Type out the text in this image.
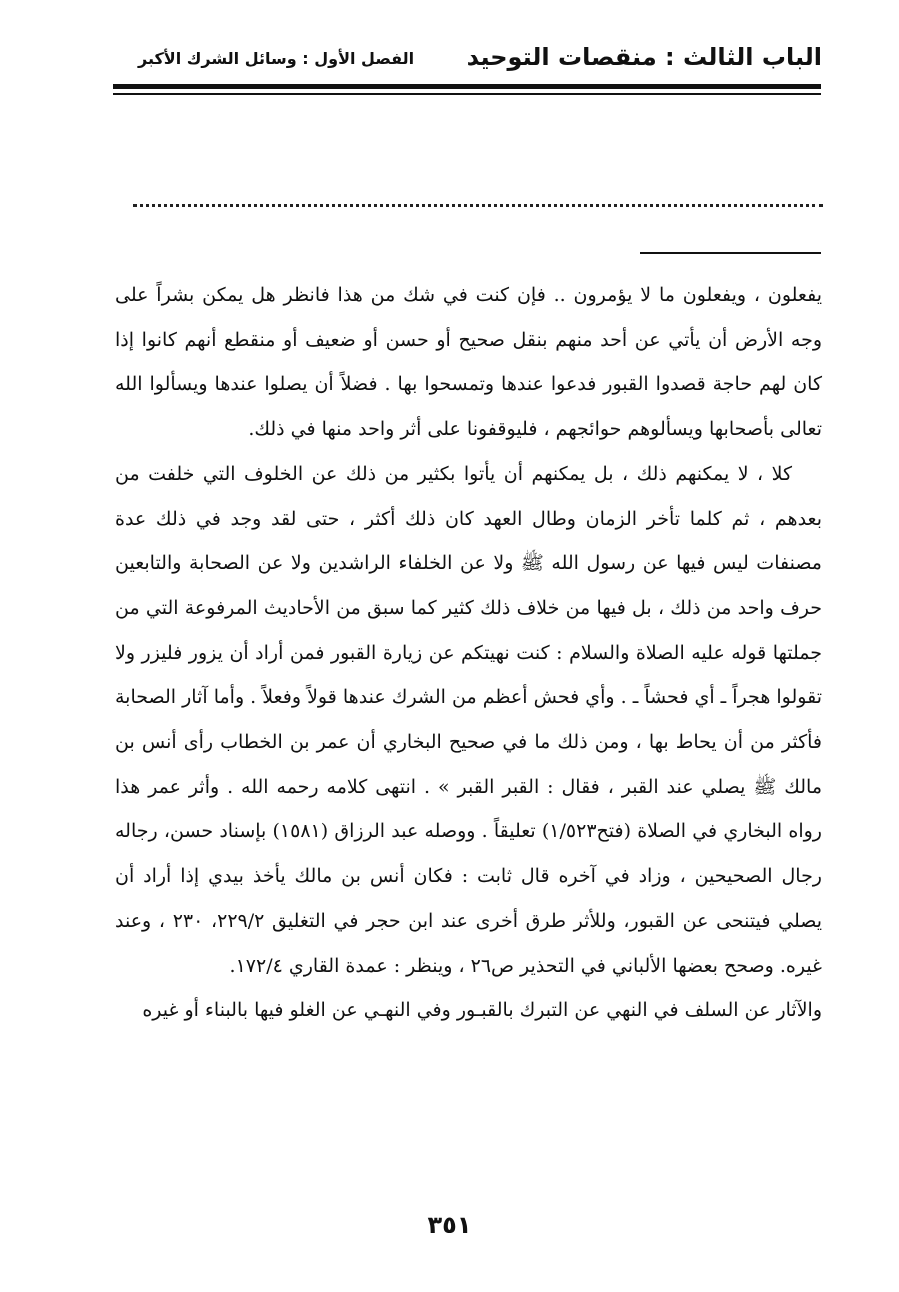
الباب الثالث : منقصات التوحيد
الفصل الأول : وسائل الشرك الأكبر

يفعلون ، ويفعلون ما لا يؤمرون .. فإن كنت في شك من هذا فانظر هل يمكن بشراً على وجه الأرض أن يأتي عن أحد منهم بنقل صحيح أو حسن أو ضعيف أو منقطع أنهم كانوا إذا كان لهم حاجة قصدوا القبور فدعوا عندها وتمسحوا بها . فضلاً أن يصلوا عندها ويسألوا الله تعالى بأصحابها ويسألوهم حوائجهم ، فليوقفونا على أثر واحد منها في ذلك.

كلا ، لا يمكنهم ذلك ، بل يمكنهم أن يأتوا بكثير من ذلك عن الخلوف التي خلفت من بعدهم ، ثم كلما تأخر الزمان وطال العهد كان ذلك أكثر ، حتى لقد وجد في ذلك عدة مصنفات ليس فيها عن رسول الله ﷺ ولا عن الخلفاء الراشدين ولا عن الصحابة والتابعين حرف واحد من ذلك ، بل فيها من خلاف ذلك كثير كما سبق من الأحاديث المرفوعة التي من جملتها قوله عليه الصلاة والسلام : كنت نهيتكم عن زيارة القبور فمن أراد أن يزور فليزر ولا تقولوا هجراً ـ أي فحشاً ـ . وأي فحش أعظم من الشرك عندها قولاً وفعلاً . وأما آثار الصحابة فأكثر من أن يحاط بها ، ومن ذلك ما في صحيح البخاري أن عمر بن الخطاب رأى أنس بن مالك ﷺ يصلي عند القبر ، فقال : القبر القبر » . انتهى كلامه رحمه الله . وأثر عمر هذا رواه البخاري في الصلاة (فتح١/٥٢٣) تعليقاً . ووصله عبد الرزاق (١٥٨١) بإسناد حسن، رجاله رجال الصحيحين ، وزاد في آخره قال ثابت : فكان أنس بن مالك يأخذ بيدي إذا أراد أن يصلي فيتنحى عن القبور، وللأثر طرق أخرى عند ابن حجر في التغليق ٢٢٩/٢، ٢٣٠ ، وعند غيره. وصحح بعضها الألباني في التحذير ص٢٦ ، وينظر : عمدة القاري ١٧٢/٤.

والآثار عن السلف في النهي عن التبرك بالقبـور وفي النهـي عن الغلو فيها بالبناء أو غيره

٣٥١
